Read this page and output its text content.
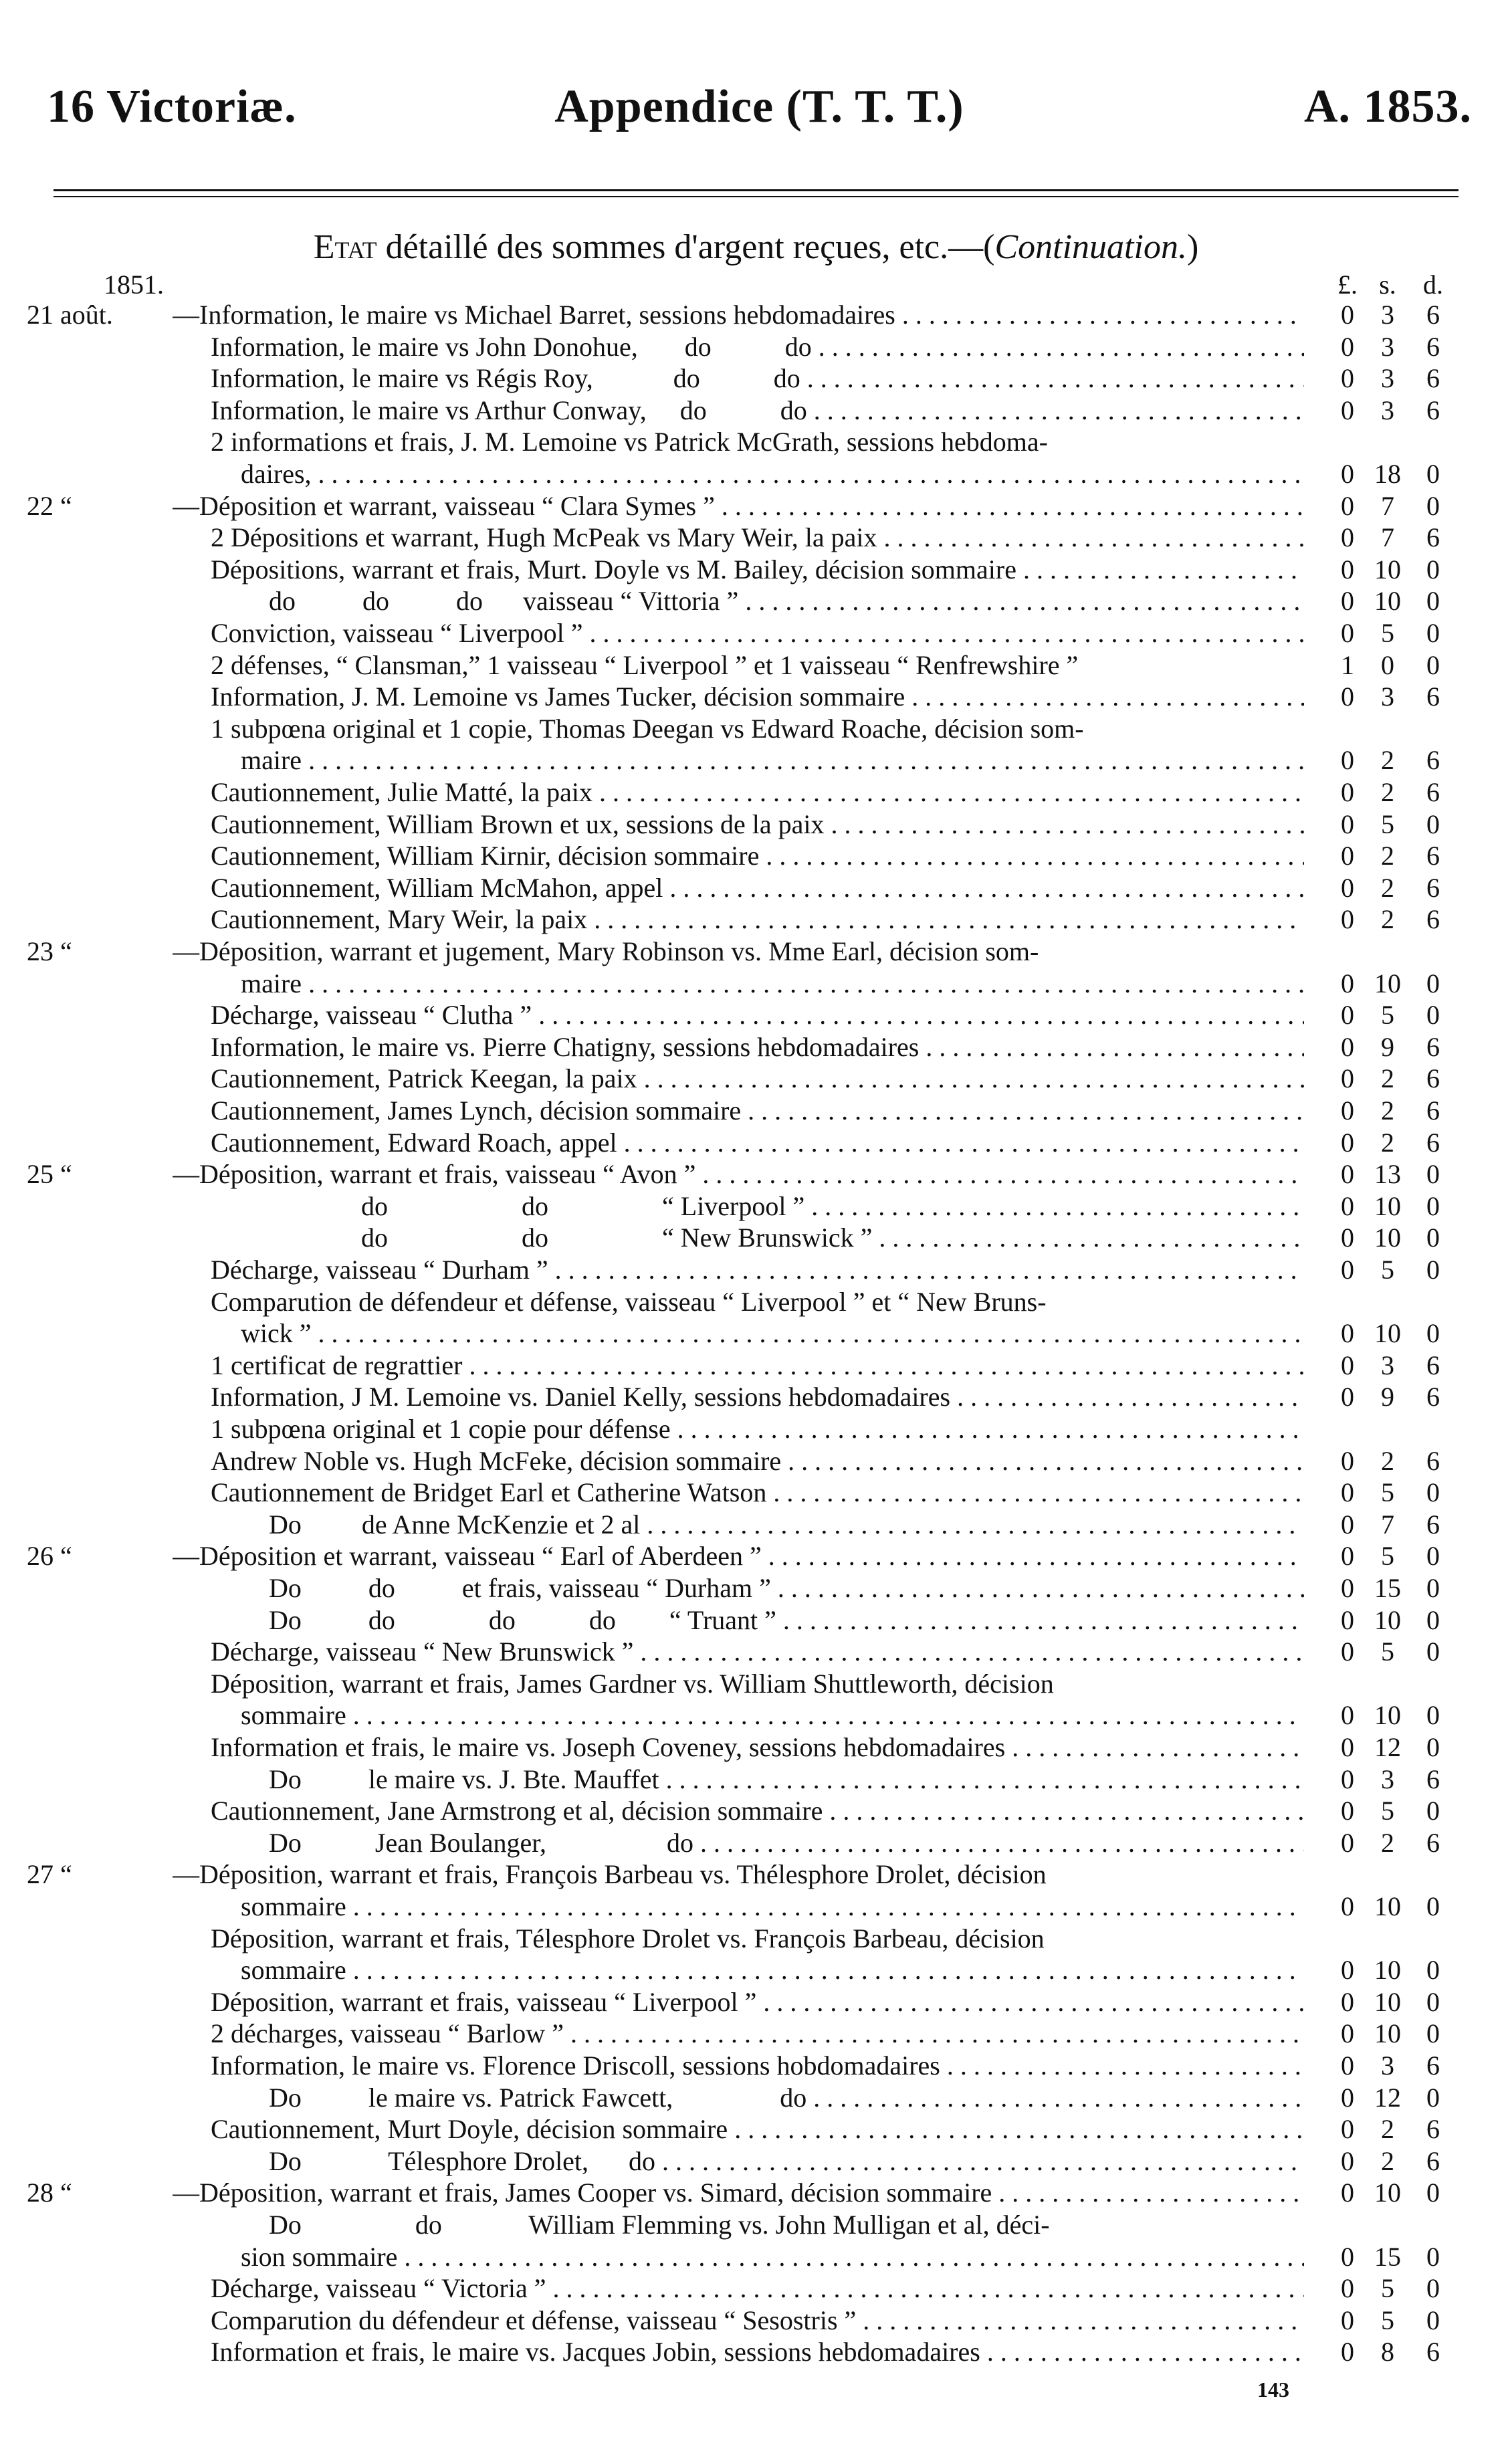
16 Victoriæ.	Appendice (T. T. T.)	A. 1853.
Etat détaillé des sommes d'argent reçues, etc.—(Continuation.)
1851.	£. s.	d.
21 août.	—Information, le maire vs Michael Barret, sessions hebdomadaires . . .	0	3	6
Information, le maire vs John Donohue,       do           do . . .	0	3	6
Information, le maire vs Régis Roy,            do           do . . .	0	3	6
Information, le maire vs Arthur Conway,     do           do . . .	0	3	6
2 informations et frais, J. M. Lemoine vs Patrick McGrath, sessions hebdoma-
daires, . . .	0 18 0
22 “	—Déposition et warrant, vaisseau “ Clara Symes ” . . .	0	7	0
2 Dépositions et warrant, Hugh McPeak vs Mary Weir, la paix . . .	0	7	6
Dépositions, warrant et frais, Murt. Doyle vs M. Bailey, décision sommaire . . .	0 10 0
do          do          do      vaisseau “ Vittoria ” . . .	0 10 0
Conviction, vaisseau “ Liverpool ” . . .	0	5	0
2 défenses, “ Clansman,” 1 vaisseau “ Liverpool ” et 1 vaisseau “ Renfrewshire ”	1	0	0
Information, J. M. Lemoine vs James Tucker, décision sommaire . . .	0	3	6
1 subpœna original et 1 copie, Thomas Deegan vs Edward Roache, décision som-
maire . . .	0	2	6
Cautionnement, Julie Matté, la paix . . .	0	2	6
Cautionnement, William Brown et ux, sessions de la paix . . .	0	5	0
Cautionnement, William Kirnir, décision sommaire . . .	0	2	6
Cautionnement, William McMahon, appel . . .	0	2	6
Cautionnement, Mary Weir, la paix . . .	0	2	6
23 “	—Déposition, warrant et jugement, Mary Robinson vs. Mme Earl, décision som-
maire . . .	0 10 0
Décharge, vaisseau “ Clutha ” . . .	0	5	0
Information, le maire vs. Pierre Chatigny, sessions hebdomadaires . . .	0	9	6
Cautionnement, Patrick Keegan, la paix . . .	0	2	6
Cautionnement, James Lynch, décision sommaire . . .	0	2	6
Cautionnement, Edward Roach, appel . . .	0	2	6
25 “	—Déposition, warrant et frais, vaisseau “ Avon ” . . .	0 13 0
do                    do                 “ Liverpool ” . . .	0 10 0
do                    do                 “ New Brunswick ” . . .	0 10 0
Décharge, vaisseau “ Durham ” . . .	0	5	0
Comparution de défendeur et défense, vaisseau “ Liverpool ” et “ New Bruns-
wick ” . . .	0 10 0
1 certificat de regrattier . . .	0	3	6
Information, J M. Lemoine vs. Daniel Kelly, sessions hebdomadaires . . .	0	9	6
1 subpœna original et 1 copie pour défense . . .
Andrew Noble vs. Hugh McFeke, décision sommaire . . .	0	2	6
Cautionnement de Bridget Earl et Catherine Watson . . .	0	5	0
Do         de Anne McKenzie et 2 al . . .	0	7	6
26 “	—Déposition et warrant, vaisseau “ Earl of Aberdeen ” . . .	0	5	0
Do          do          et frais, vaisseau “ Durham ” . . .	0 15 0
Do          do              do           do        “ Truant ” . . .	0 10 0
Décharge, vaisseau “ New Brunswick ” . . .	0	5	0
Déposition, warrant et frais, James Gardner vs. William Shuttleworth, décision
sommaire . . .	0 10 0
Information et frais, le maire vs. Joseph Coveney, sessions hebdomadaires . . .	0 12 0
Do          le maire vs. J. Bte. Mauffet . . .	0	3	6
Cautionnement, Jane Armstrong et al, décision sommaire . . .	0	5	0
Do           Jean Boulanger,                  do . . .	0	2	6
27 “	—Déposition, warrant et frais, François Barbeau vs. Thélesphore Drolet, décision
sommaire . . .	0 10 0
Déposition, warrant et frais, Télesphore Drolet vs. François Barbeau, décision
sommaire . . .	0 10 0
Déposition, warrant et frais, vaisseau “ Liverpool ” . . .	0 10 0
2 décharges, vaisseau “ Barlow ” . . .	0 10 0
Information, le maire vs. Florence Driscoll, sessions hobdomadaires . . .	0	3	6
Do          le maire vs. Patrick Fawcett,                do . . .	0 12 0
Cautionnement, Murt Doyle, décision sommaire . . .	0	2	6
Do             Télesphore Drolet,      do . . .	0	2	6
28 “	—Déposition, warrant et frais, James Cooper vs. Simard, décision sommaire . . .	0 10 0
Do                 do             William Flemming vs. John Mulligan et al, déci-
sion sommaire . . .	0 15 0
Décharge, vaisseau “ Victoria ” . . .	0	5	0
Comparution du défendeur et défense, vaisseau “ Sesostris ” . . .	0	5	0
Information et frais, le maire vs. Jacques Jobin, sessions hebdomadaires . . .	0	8	6
143
